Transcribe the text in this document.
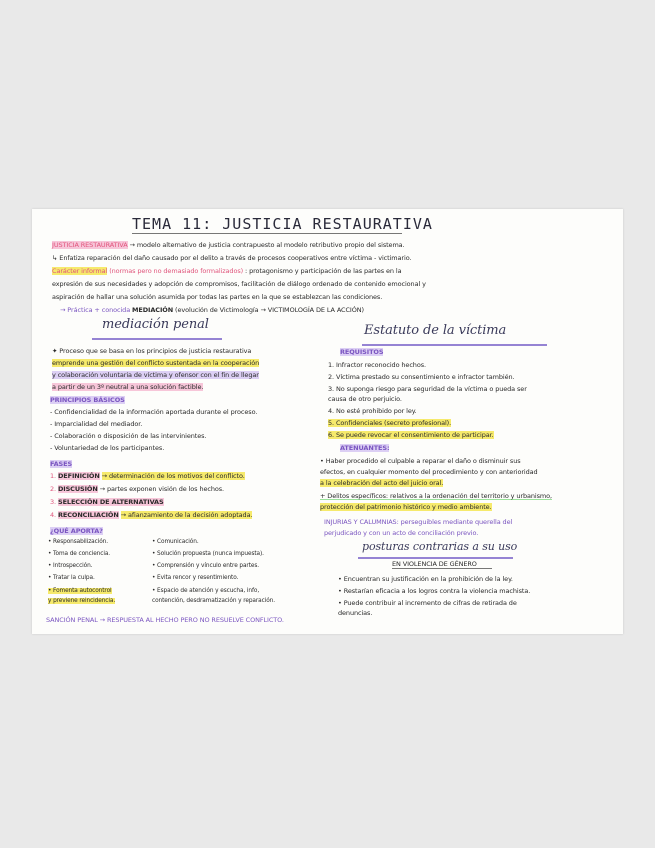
TEMA 11: JUSTICIA RESTAURATIVA
JUSTICIA RESTAURATIVA → modelo alternativo de justicia contrapuesto al modelo retributivo propio del sistema.
↳ Enfatiza reparación del daño causado por el delito a través de procesos cooperativos entre víctima - victimario.
Carácter informal (normas pero no demasiado formalizados) : protagonismo y participación de las partes en la
expresión de sus necesidades y adopción de compromisos, facilitación de diálogo ordenado de contenido emocional y
aspiración de hallar una solución asumida por todas las partes en la que se establezcan las condiciones.
→ Práctica + conocida MEDIACIÓN (evolución de Victimología → VICTIMOLOGÍA DE LA ACCIÓN)
mediación penal
✦ Proceso que se basa en los principios de justicia restaurativa
emprende una gestión del conflicto sustentada en la cooperación
y colaboración voluntaria de víctima y ofensor con el fin de llegar
a partir de un 3º neutral a una solución factible.
PRINCIPIOS BÁSICOS
- Confidencialidad de la información aportada durante el proceso.
- Imparcialidad del mediador.
- Colaboración o disposición de las intervinientes.
- Voluntariedad de los participantes.
FASES
1. DEFINICIÓN → determinación de los motivos del conflicto.
2. DISCUSIÓN → partes exponen visión de los hechos.
3. SELECCIÓN DE ALTERNATIVAS
4. RECONCILIACIÓN → afianzamiento de la decisión adoptada.
¿QUÉ APORTA?
• Responsabilización.
• Toma de conciencia.
• Introspección.
• Tratar la culpa.
• Fomenta autocontrol
y previene reincidencia.
• Comunicación.
• Solución propuesta (nunca impuesta).
• Comprensión y vínculo entre partes.
• Evita rencor y resentimiento.
• Espacio de atención y escucha, info,
contención, desdramatización y reparación.
SANCIÓN PENAL → RESPUESTA AL HECHO PERO NO RESUELVE CONFLICTO.
Estatuto de la víctima
REQUISITOS
1. Infractor reconocido hechos.
2. Víctima prestado su consentimiento e infractor también.
3. No suponga riesgo para seguridad de la víctima o pueda ser
causa de otro perjuicio.
4. No esté prohibido por ley.
5. Confidenciales (secreto profesional).
6. Se puede revocar el consentimiento de participar.
ATENUANTES:
• Haber procedido el culpable a reparar el daño o disminuir sus
efectos, en cualquier momento del procedimiento y con anterioridad
a la celebración del acto del juicio oral.
+ Delitos específicos: relativos a la ordenación del territorio y urbanismo,
protección del patrimonio histórico y medio ambiente.
INJURIAS Y CALUMNIAS: perseguibles mediante querella del
perjudicado y con un acto de conciliación previo.
posturas contrarias a su uso
EN VIOLENCIA DE GÉNERO
• Encuentran su justificación en la prohibición de la ley.
• Restarían eficacia a los logros contra la violencia machista.
• Puede contribuir al incremento de cifras de retirada de
denuncias.
